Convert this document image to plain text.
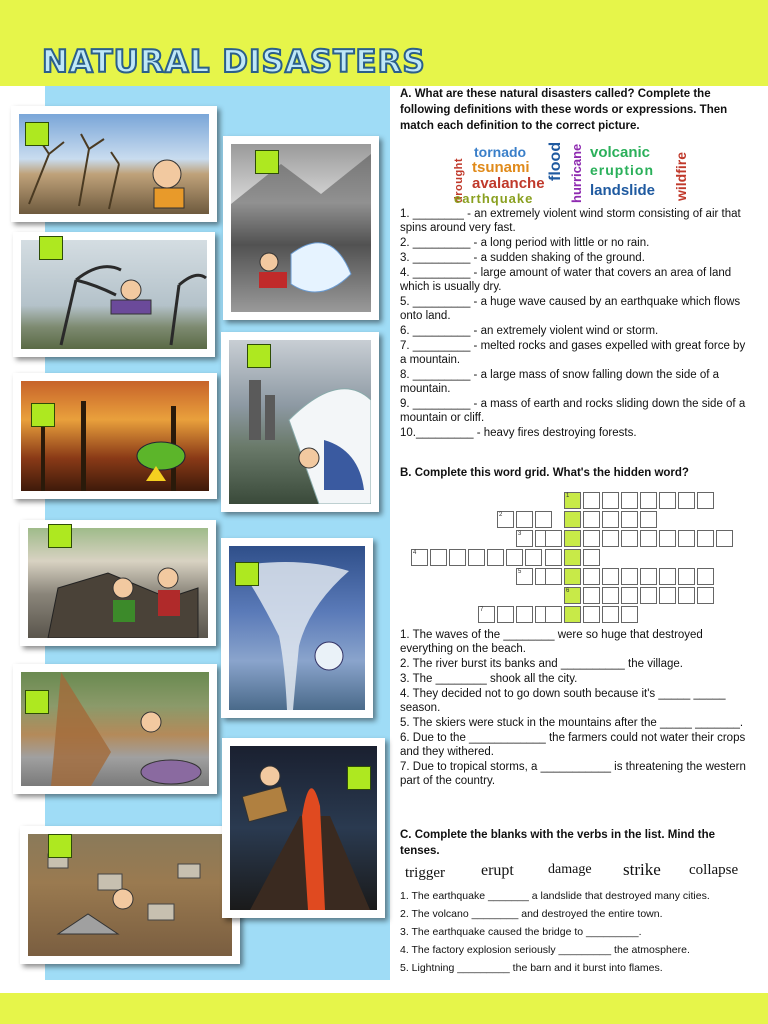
NATURAL DISASTERS
A. What are these natural disasters called? Complete the following definitions with these words or expressions. Then match each definition to the correct picture.
drought
tornado
tsunami
avalanche
earthquake
flood hurricane volcanic
eruption
landslide wildfire

1. ________ - an extremely violent wind storm consisting of air that spins around very fast.

2. _________ - a long period with little or no rain.

3. _________ - a sudden shaking of the ground.

4. _________ - large amount of water that covers an area of land which is usually dry.

5. _________ - a huge wave caused by an earthquake which flows onto land.

6. _________ - an extremely violent wind or storm.

7. _________ - melted rocks and gases expelled with great force by a mountain.

8. _________ - a large mass of snow falling down the side of a mountain.

9. _________ - a mass of earth and rocks sliding down the side of a mountain or cliff.

10._________ - heavy fires destroying forests.

B. Complete this word grid. What's the hidden word?
1
2
3
4
5
6
7

1. The waves of the ________ were so huge that destroyed everything on the beach.

2. The river burst its banks and __________ the village.

3. The ________ shook all the city.

4. They decided not to go down south because it's _____ _____ season.

5. The skiers were stuck in the mountains after the _____ _______.

6. Due to the ____________ the farmers could not water their crops and they withered.

7. Due to tropical storms, a ___________ is threatening the western part of the country.

C. Complete the blanks with the verbs in the list. Mind the tenses.
trigger erupt damage strike collapse

1. The earthquake _______ a landslide that destroyed many cities.

2. The volcano ________ and destroyed the entire town.

3. The earthquake caused the bridge to _________.

4. The factory explosion seriously _________ the atmosphere.

5. Lightning _________ the barn and it burst into flames.
